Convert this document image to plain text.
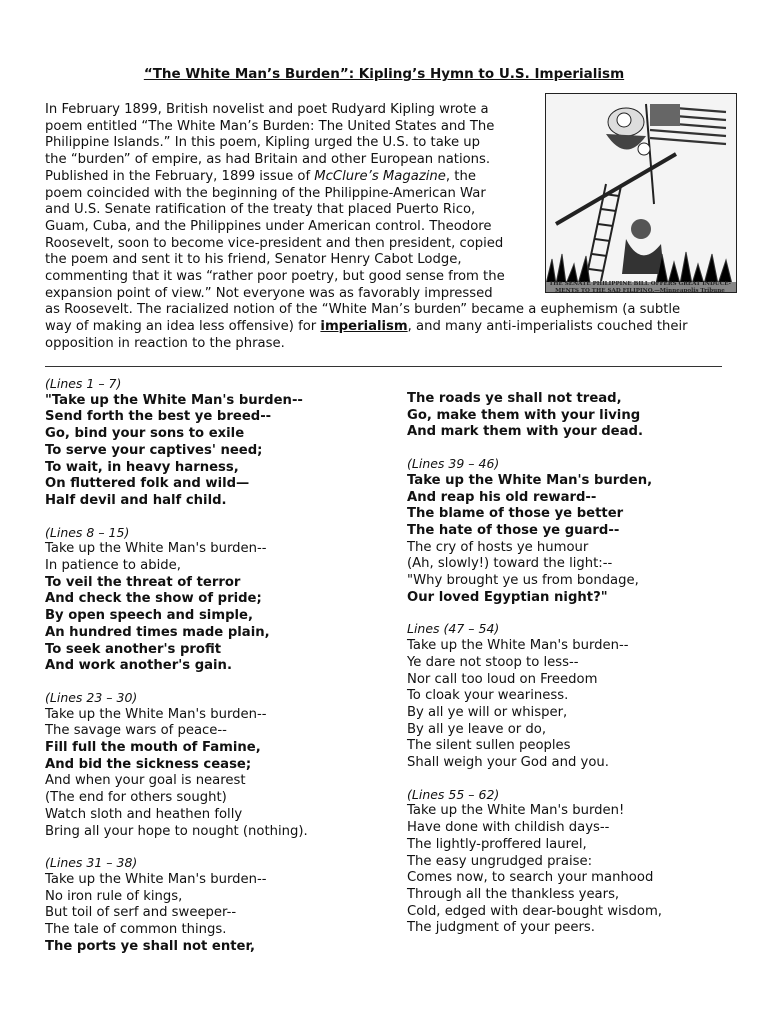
“The White Man’s Burden”: Kipling’s Hymn to U.S. Imperialism
THE SENATE PHILIPPINE BILL OFFERS GREAT INDUCE-
MENTS TO THE SAD FILIPINO.—Minneapolis Tribune
In February 1899, British novelist and poet Rudyard Kipling wrote a
poem entitled “The White Man’s Burden: The United States and The
Philippine Islands.” In this poem, Kipling urged the U.S. to take up
the “burden” of empire, as had Britain and other European nations.
Published in the February, 1899 issue of McClure’s Magazine, the
poem coincided with the beginning of the Philippine-American War
and U.S. Senate ratification of the treaty that placed Puerto Rico,
Guam, Cuba, and the Philippines under American control. Theodore
Roosevelt, soon to become vice-president and then president, copied
the poem and sent it to his friend, Senator Henry Cabot Lodge,
commenting that it was “rather poor poetry, but good sense from the
expansion point of view.” Not everyone was as favorably impressed
as Roosevelt. The racialized notion of the “White Man’s burden” became a euphemism (a subtle
way of making an idea less offensive) for imperialism, and many anti-imperialists couched their
opposition in reaction to the phrase.
(Lines 1 – 7)
"Take up the White Man's burden--
Send forth the best ye breed--
Go, bind your sons to exile
To serve your captives' need;
To wait, in heavy harness,
On fluttered folk and wild—
Half devil and half child.
(Lines 8 – 15)
Take up the White Man's burden--
In patience to abide,
To veil the threat of terror
And check the show of pride;
By open speech and simple,
An hundred times made plain,
To seek another's profit
And work another's gain.
(Lines 23 – 30)
Take up the White Man's burden--
The savage wars of peace--
Fill full the mouth of Famine,
And bid the sickness cease;
And when your goal is nearest
(The end for others sought)
Watch sloth and heathen folly
Bring all your hope to nought (nothing).
(Lines 31 – 38)
Take up the White Man's burden--
No iron rule of kings,
But toil of serf and sweeper--
The tale of common things.
The ports ye shall not enter,
The roads ye shall not tread,
Go, make them with your living
And mark them with your dead.
(Lines 39 – 46)
Take up the White Man's burden,
And reap his old reward--
The blame of those ye better
The hate of those ye guard--
The cry of hosts ye humour
(Ah, slowly!) toward the light:--
"Why brought ye us from bondage,
Our loved Egyptian night?"
Lines (47 – 54)
Take up the White Man's burden--
Ye dare not stoop to less--
Nor call too loud on Freedom
To cloak your weariness.
By all ye will or whisper,
By all ye leave or do,
The silent sullen peoples
Shall weigh your God and you.
(Lines 55 – 62)
Take up the White Man's burden!
Have done with childish days--
The lightly-proffered laurel,
The easy ungrudged praise:
Comes now, to search your manhood
Through all the thankless years,
Cold, edged with dear-bought wisdom,
The judgment of your peers.
